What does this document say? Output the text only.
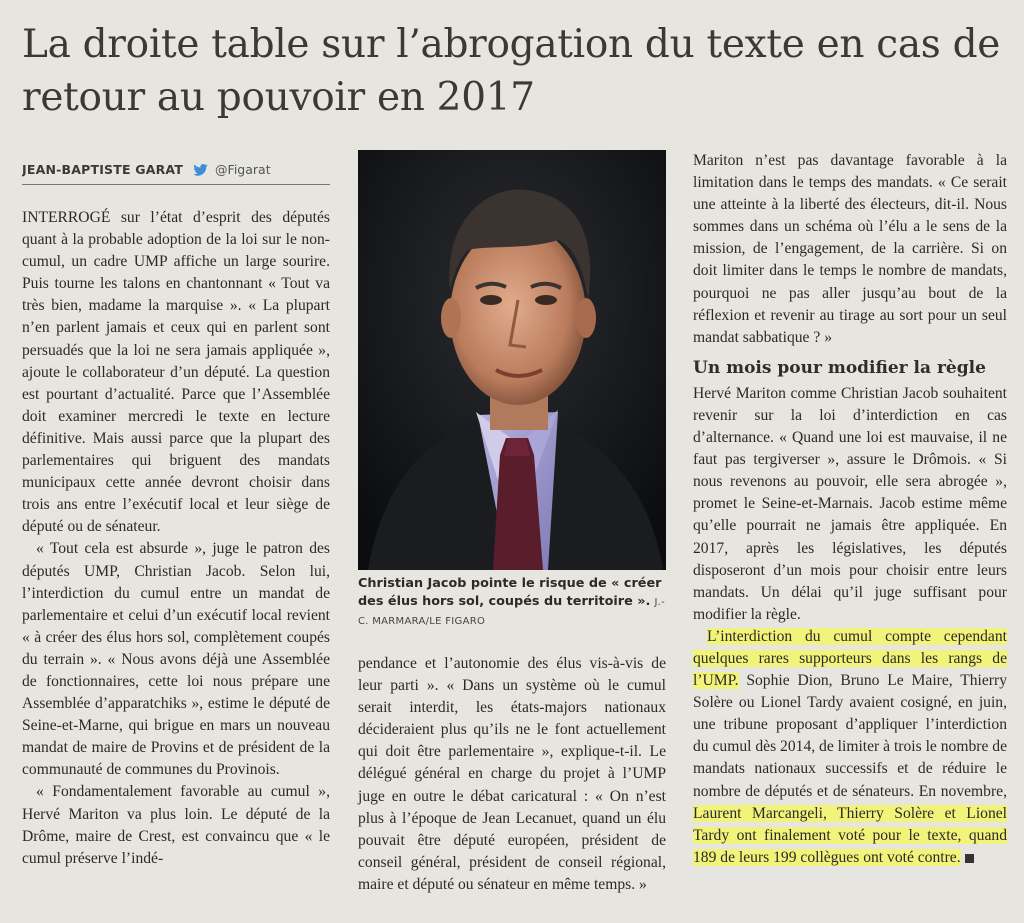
La droite table sur l’abrogation du texte en cas de retour au pouvoir en 2017
JEAN-BAPTISTE GARAT	@Figarat

INTERROGÉ sur l’état d’esprit des députés quant à la probable adoption de la loi sur le non-cumul, un cadre UMP affiche un large sourire. Puis tourne les talons en chantonnant « Tout va très bien, madame la marquise ». « La plupart n’en parlent jamais et ceux qui en parlent sont persuadés que la loi ne sera jamais appliquée », ajoute le collaborateur d’un député. La question est pourtant d’actualité. Parce que l’Assemblée doit examiner mercredi le texte en lecture définitive. Mais aussi parce que la plupart des parlementaires qui briguent des mandats municipaux cette année devront choisir dans trois ans entre l’exécutif local et leur siège de député ou de sénateur.

« Tout cela est absurde », juge le patron des députés UMP, Christian Jacob. Selon lui, l’interdiction du cumul entre un mandat de parlementaire et celui d’un exécutif local revient « à créer des élus hors sol, complètement coupés du terrain ». « Nous avons déjà une Assemblée de fonctionnaires, cette loi nous prépare une Assemblée d’apparatchiks », estime le député de Seine-et-Marne, qui brigue en mars un nouveau mandat de maire de Provins et de président de la communauté de communes du Provinois.

« Fondamentalement favorable au cumul », Hervé Mariton va plus loin. Le député de la Drôme, maire de Crest, est convaincu que « le cumul préserve l’indé-

Christian Jacob pointe le risque de « créer des élus hors sol, coupés du territoire ». J.-C. MARMARA/LE FIGARO

pendance et l’autonomie des élus vis-à-vis de leur parti ». « Dans un système où le cumul serait interdit, les états-majors nationaux décideraient plus qu’ils ne le font actuellement qui doit être parlementaire », explique-t-il. Le délégué général en charge du projet à l’UMP juge en outre le débat caricatural : « On n’est plus à l’époque de Jean Lecanuet, quand un élu pouvait être député européen, président de conseil général, président de conseil régional, maire et député ou sénateur en même temps. »

Mariton n’est pas davantage favorable à la limitation dans le temps des mandats. « Ce serait une atteinte à la liberté des électeurs, dit-il. Nous sommes dans un schéma où l’élu a le sens de la mission, de l’engagement, de la carrière. Si on doit limiter dans le temps le nombre de mandats, pourquoi ne pas aller jusqu’au bout de la réflexion et revenir au tirage au sort pour un seul mandat sabbatique ? »

Un mois pour modifier la règle

Hervé Mariton comme Christian Jacob souhaitent revenir sur la loi d’interdiction en cas d’alternance. « Quand une loi est mauvaise, il ne faut pas tergiverser », assure le Drômois. « Si nous revenons au pouvoir, elle sera abrogée », promet le Seine-et-Marnais. Jacob estime même qu’elle pourrait ne jamais être appliquée. En 2017, après les législatives, les députés disposeront d’un mois pour choisir entre leurs mandats. Un délai qu’il juge suffisant pour modifier la règle.

L’interdiction du cumul compte cependant quelques rares supporteurs dans les rangs de l’UMP. Sophie Dion, Bruno Le Maire, Thierry Solère ou Lionel Tardy avaient cosigné, en juin, une tribune proposant d’appliquer l’interdiction du cumul dès 2014, de limiter à trois le nombre de mandats nationaux successifs et de réduire le nombre de députés et de sénateurs. En novembre, Laurent Marcangeli, Thierry Solère et Lionel Tardy ont finalement voté pour le texte, quand 189 de leurs 199 collègues ont voté contre.
